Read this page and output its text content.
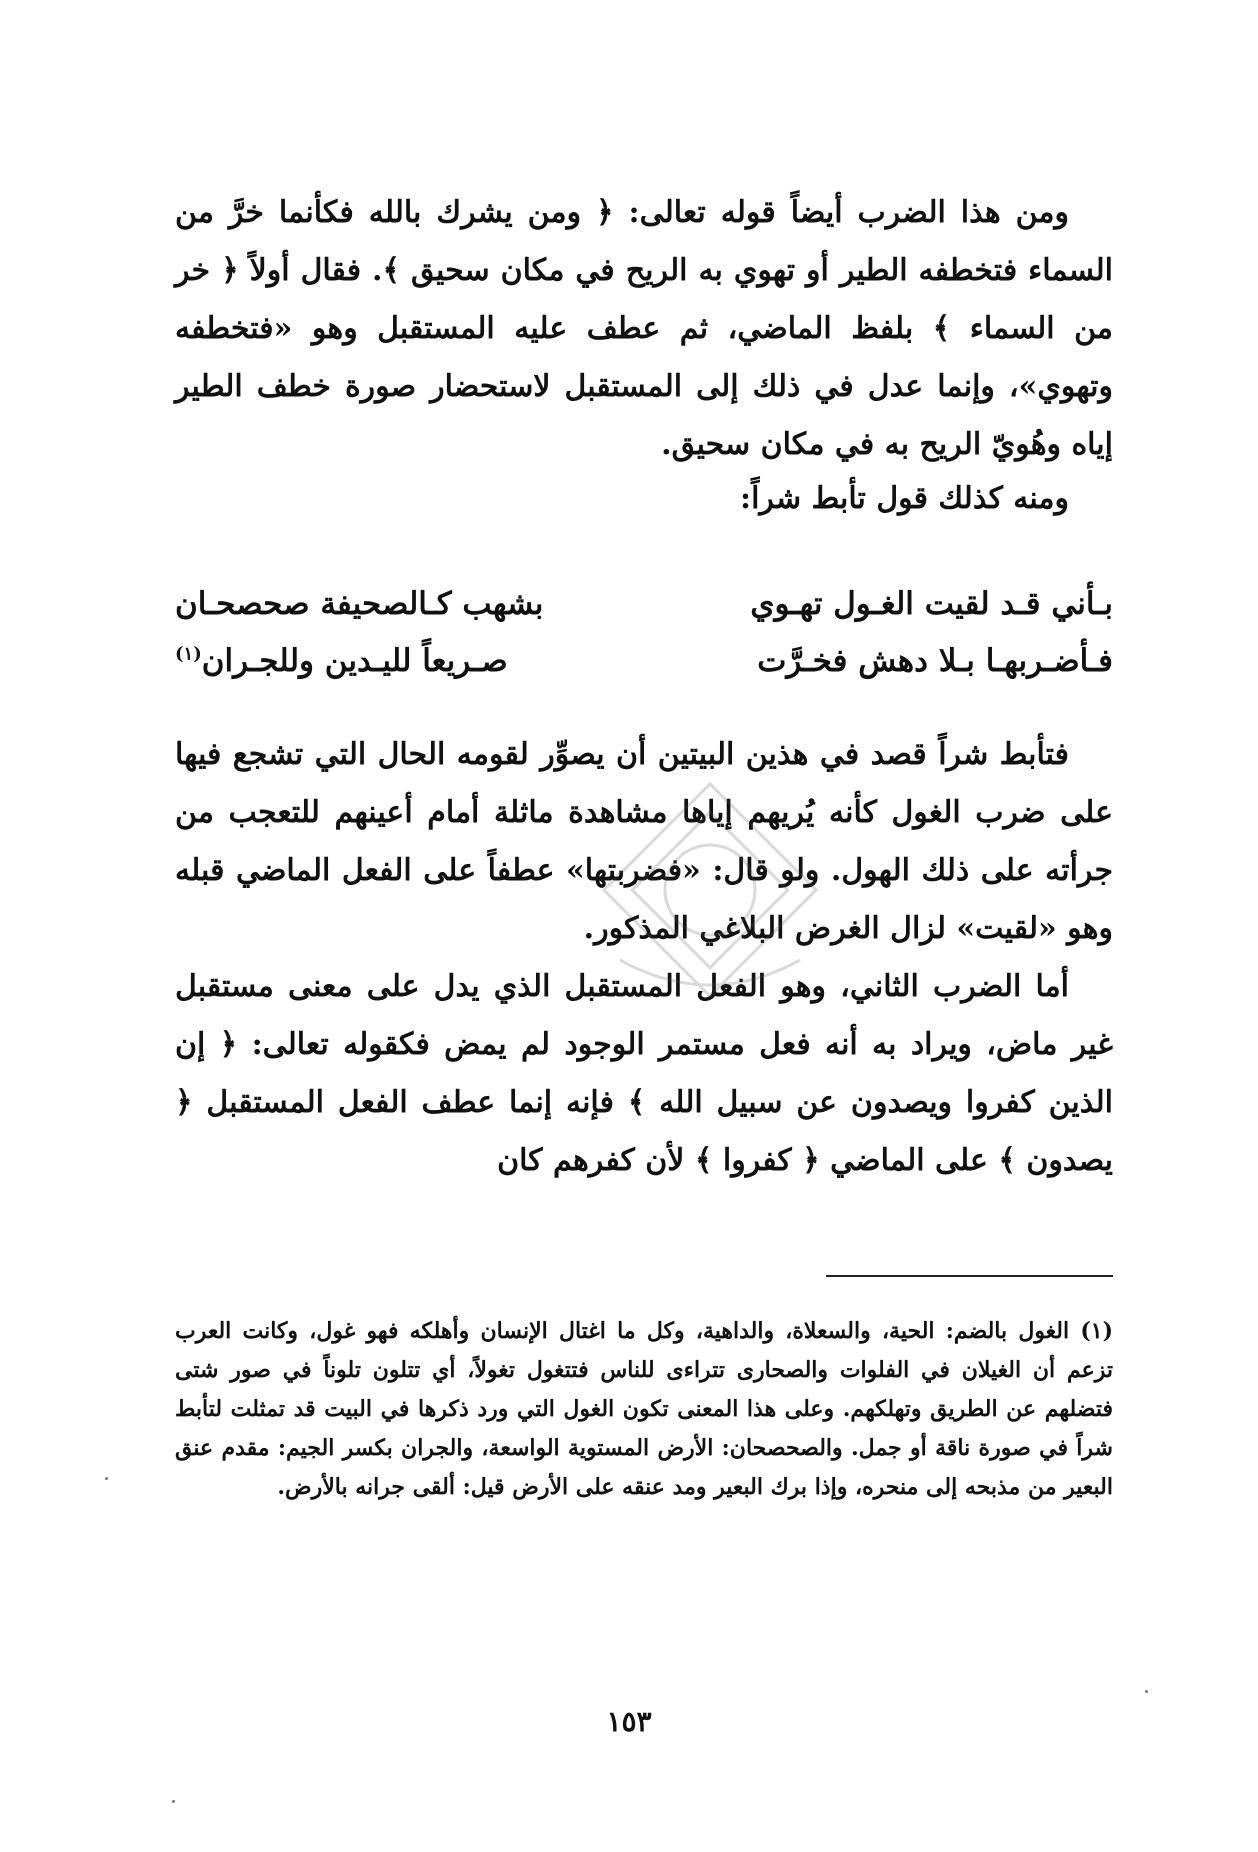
ومن هذا الضرب أيضاً قوله تعالى: ﴿ ومن يشرك بالله فكأنما خرَّ من السماء فتخطفه الطير أو تهوي به الريح في مكان سحيق ﴾. فقال أولاً ﴿ خر من السماء ﴾ بلفظ الماضي، ثم عطف عليه المستقبل وهو «فتخطفه وتهوي»، وإنما عدل في ذلك إلى المستقبل لاستحضار صورة خطف الطير إياه وهُويّ الريح به في مكان سحيق.

ومنه كذلك قول تأبط شراً:

بـأني قـد لقيت الغـول تهـوي
بشهب كـالصحيفة صحصحـان
فـأضـربهـا بـلا دهش فخـرَّت
صـريعاً لليـدين وللجـران$^{(١)}$

فتأبط شراً قصد في هذين البيتين أن يصوِّر لقومه الحال التي تشجع فيها على ضرب الغول كأنه يُريهم إياها مشاهدة ماثلة أمام أعينهم للتعجب من جرأته على ذلك الهول. ولو قال: «فضربتها» عطفاً على الفعل الماضي قبله وهو «لقيت» لزال الغرض البلاغي المذكور.

أما الضرب الثاني، وهو الفعل المستقبل الذي يدل على معنى مستقبل غير ماض، ويراد به أنه فعل مستمر الوجود لم يمض فكقوله تعالى: ﴿ إن الذين كفروا ويصدون عن سبيل الله ﴾ فإنه إنما عطف الفعل المستقبل ﴿ يصدون ﴾ على الماضي ﴿ كفروا ﴾ لأن كفرهم كان

(١) الغول بالضم: الحية، والسعلاة، والداهية، وكل ما اغتال الإنسان وأهلكه فهو غول، وكانت العرب تزعم أن الغيلان في الفلوات والصحارى تتراءى للناس فتتغول تغولاً، أي تتلون تلوناً في صور شتى فتضلهم عن الطريق وتهلكهم. وعلى هذا المعنى تكون الغول التي ورد ذكرها في البيت قد تمثلت لتأبط شراً في صورة ناقة أو جمل. والصحصحان: الأرض المستوية الواسعة، والجران بكسر الجيم: مقدم عنق البعير من مذبحه إلى منحره، وإذا برك البعير ومد عنقه على الأرض قيل: ألقى جرانه بالأرض.
١٥٣
